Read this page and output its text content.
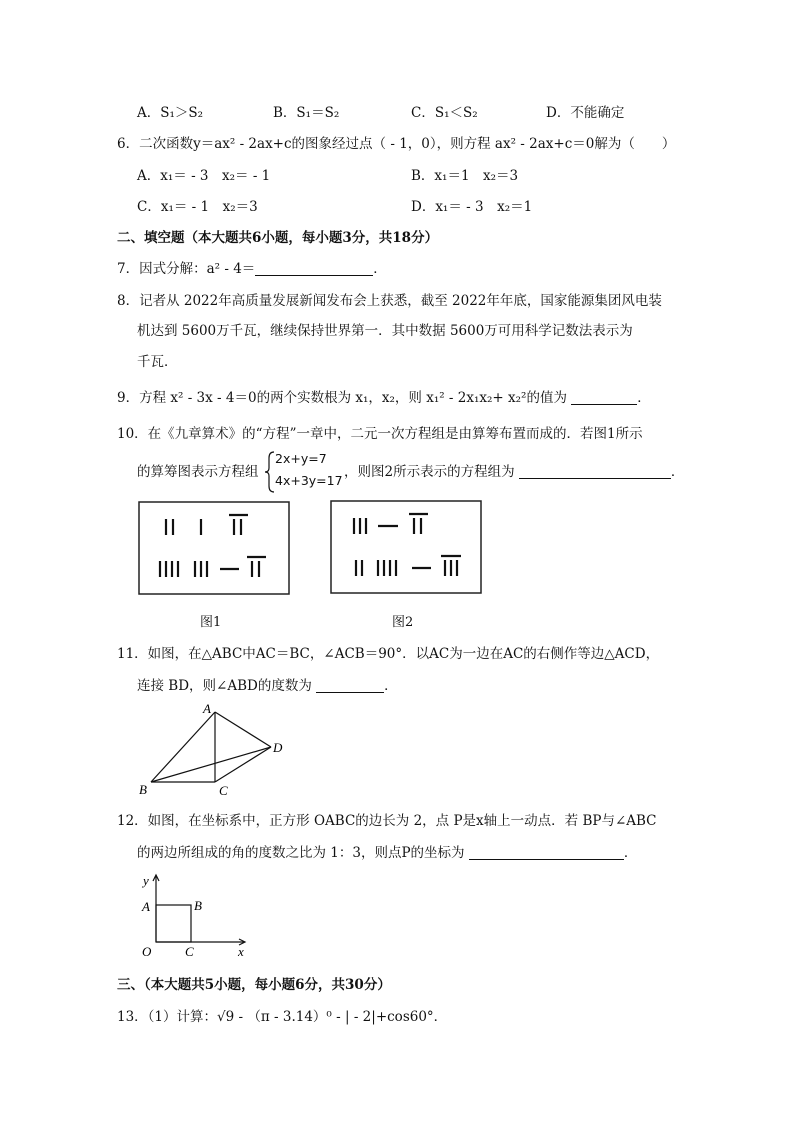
A．S₁＞S₂	B．S₁＝S₂	C．S₁＜S₂	D．不能确定
6．二次函数y＝ax² - 2ax+c的图象经过点（ - 1，0），则方程 ax² - 2ax+c＝0解为（　　）
A．x₁＝ - 3　x₂＝ - 1	B．x₁＝1　x₂＝3
C．x₁＝ - 1　x₂＝3	D．x₁＝ - 3　x₂＝1
二、填空题（本大题共6小题，每小题3分，共18分）
7．因式分解：a² - 4＝	．
8．记者从 2022年高质量发展新闻发布会上获悉，截至 2022年年底，国家能源集团风电装
机达到 5600万千瓦，继续保持世界第一．其中数据 5600万可用科学记数法表示为
千瓦．
9．方程 x² - 3x - 4＝0的两个实数根为 x₁，x₂，则 x₁² - 2x₁x₂+ x₂²的值为	．
10．在《九章算术》的“方程”一章中，二元一次方程组是由算筹布置而成的．若图1所示
的算筹图表示方程组
2x+y=7
4x+3y=17
，则图2所示表示的方程组为	．
图1	图2
11．如图，在△ABC中AC＝BC，∠ACB＝90°．以AC为一边在AC的右侧作等边△ACD，
连接 BD，则∠ABD的度数为	．
A
B	C
D
12．如图，在坐标系中，正方形 OABC的边长为 2，点 P是x轴上一动点．若 BP与∠ABC
的两边所组成的角的度数之比为 1：3，则点P的坐标为	．
y
x
O
A	B
C
三、（本大题共5小题，每小题6分，共30分）
13．（1）计算：√9 - （π - 3.14）⁰ - | - 2|+cos60°．
